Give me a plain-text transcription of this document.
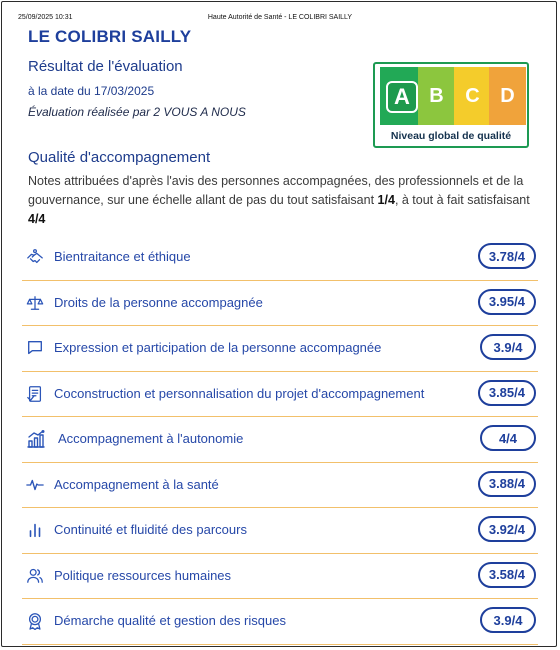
25/09/2025 10:31	Haute Autorité de Santé - LE COLIBRI SAILLY
LE COLIBRI SAILLY
Résultat de l'évaluation
à la date du 17/03/2025
Évaluation réalisée par 2 VOUS A NOUS
B	C	D
A
Niveau global de qualité
Qualité d'accompagnement
Notes attribuées d'après l'avis des personnes accompagnées, des professionnels et de la gouvernance, sur une échelle allant de pas du tout satisfaisant 1/4, à tout à fait satisfaisant 4/4
Bientraitance et éthique	3.78/4
Droits de la personne accompagnée	3.95/4
Expression et participation de la personne accompagnée	3.9/4
Coconstruction et personnalisation du projet d'accompagnement	3.85/4
Accompagnement à l'autonomie	4/4
Accompagnement à la santé	3.88/4
Continuité et fluidité des parcours	3.92/4
Politique ressources humaines	3.58/4
Démarche qualité et gestion des risques	3.9/4
